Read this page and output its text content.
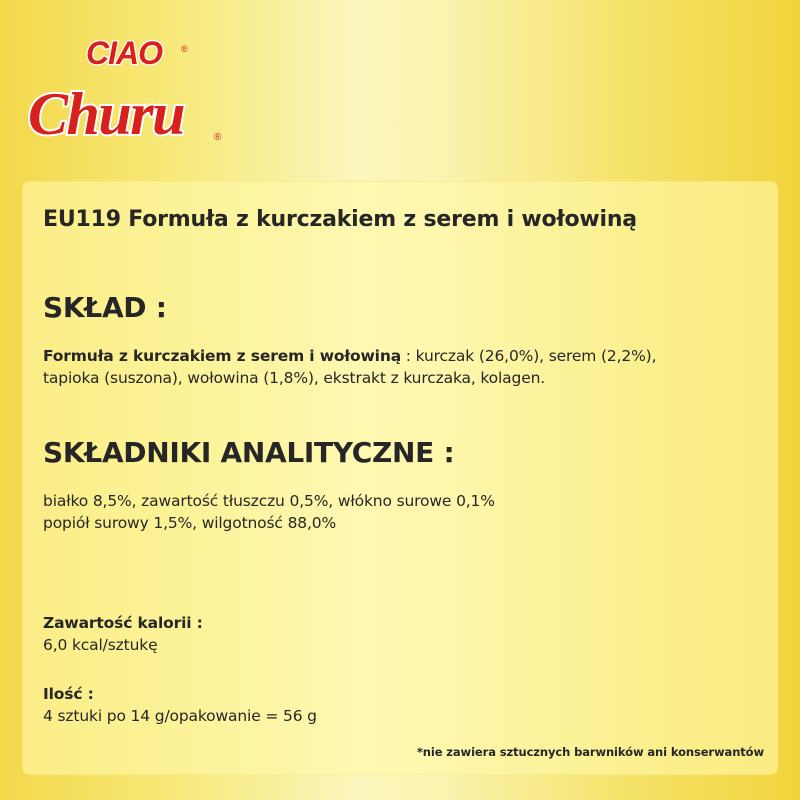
CIAO ®
Churu	®
EU119 Formuła z kurczakiem z serem i wołowiną
SKŁAD :

Formuła z kurczakiem z serem i wołowiną : kurczak (26,0%), serem (2,2%),
tapioka (suszona), wołowina (1,8%), ekstrakt z kurczaka, kolagen.

SKŁADNIKI ANALITYCZNE :

białko 8,5%, zawartość tłuszczu 0,5%, włókno surowe 0,1%
popiół surowy 1,5%, wilgotność 88,0%

Zawartość kalorii :
6,0 kcal/sztukę
Ilość :
4 sztuki po 14 g/opakowanie = 56 g

*nie zawiera sztucznych barwników ani konserwantów
